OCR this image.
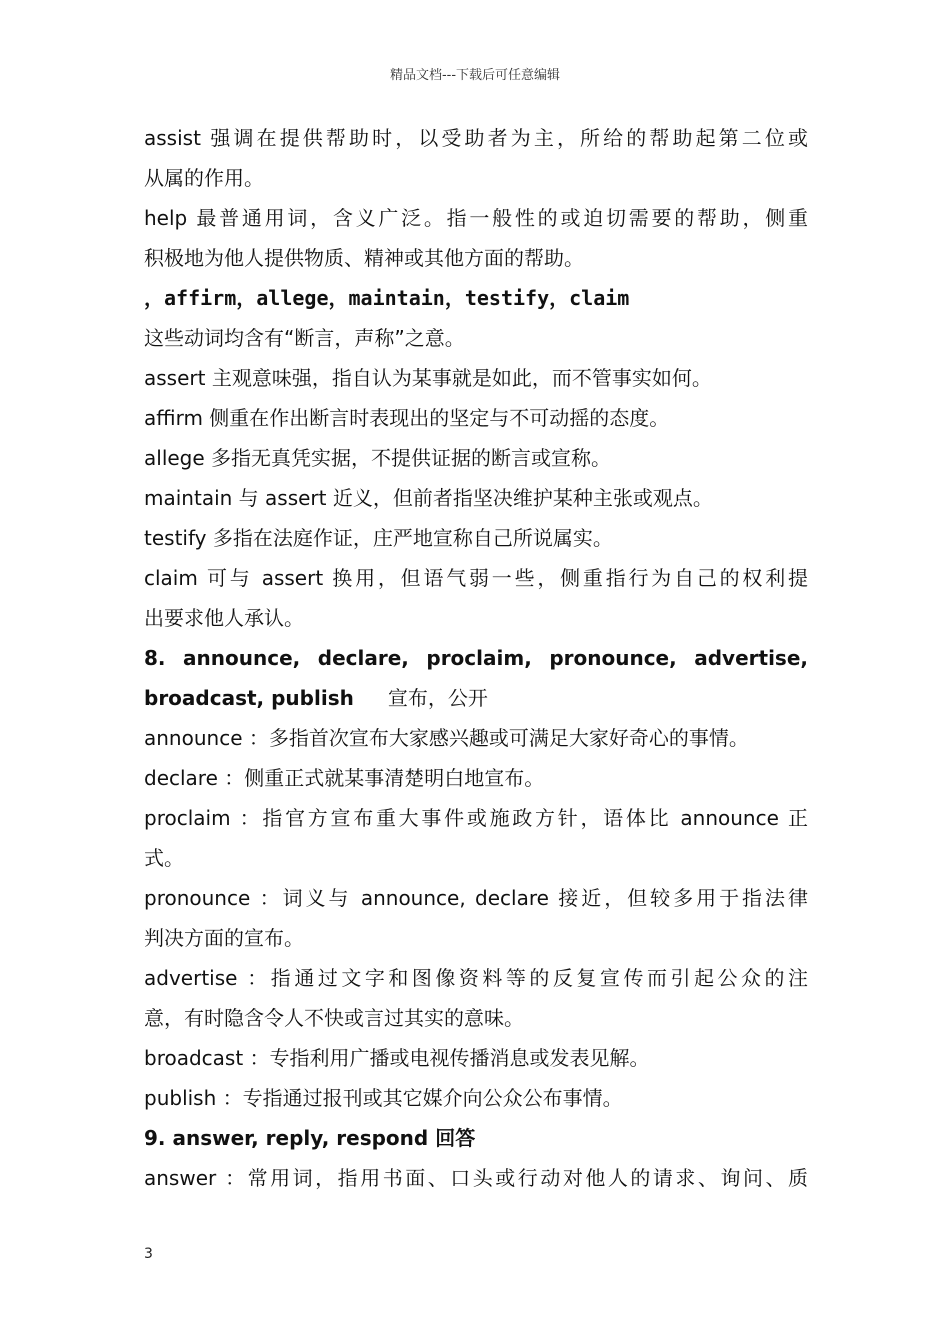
精品文档---下载后可任意编辑
assist 强调在提供帮助时，以受助者为主，所给的帮助起第二位或
从属的作用。
help 最普通用词，含义广泛。指一般性的或迫切需要的帮助，侧重
积极地为他人提供物质、精神或其他方面的帮助。
，affirm，allege，maintain，testify，claim
这些动词均含有“断言，声称”之意。
assert 主观意味强，指自认为某事就是如此，而不管事实如何。
affirm 侧重在作出断言时表现出的坚定与不可动摇的态度。
allege 多指无真凭实据，不提供证据的断言或宣称。
maintain 与 assert 近义，但前者指坚决维护某种主张或观点。
testify 多指在法庭作证，庄严地宣称自己所说属实。
claim 可与 assert 换用，但语气弱一些，侧重指行为自己的权利提
出要求他人承认。
8. announce, declare, proclaim, pronounce, advertise,
broadcast, publish 宣布，公开
announce ：多指首次宣布大家感兴趣或可满足大家好奇心的事情。
declare ：侧重正式就某事清楚明白地宣布。
proclaim ：指官方宣布重大事件或施政方针，语体比 announce 正
式。
pronounce ：词义与 announce, declare 接近，但较多用于指法律
判决方面的宣布。
advertise ：指通过文字和图像资料等的反复宣传而引起公众的注
意，有时隐含令人不快或言过其实的意味。
broadcast ：专指利用广播或电视传播消息或发表见解。
publish ：专指通过报刊或其它媒介向公众公布事情。
9. answer, reply, respond 回答
answer ：常用词，指用书面、口头或行动对他人的请求、询问、质
3
